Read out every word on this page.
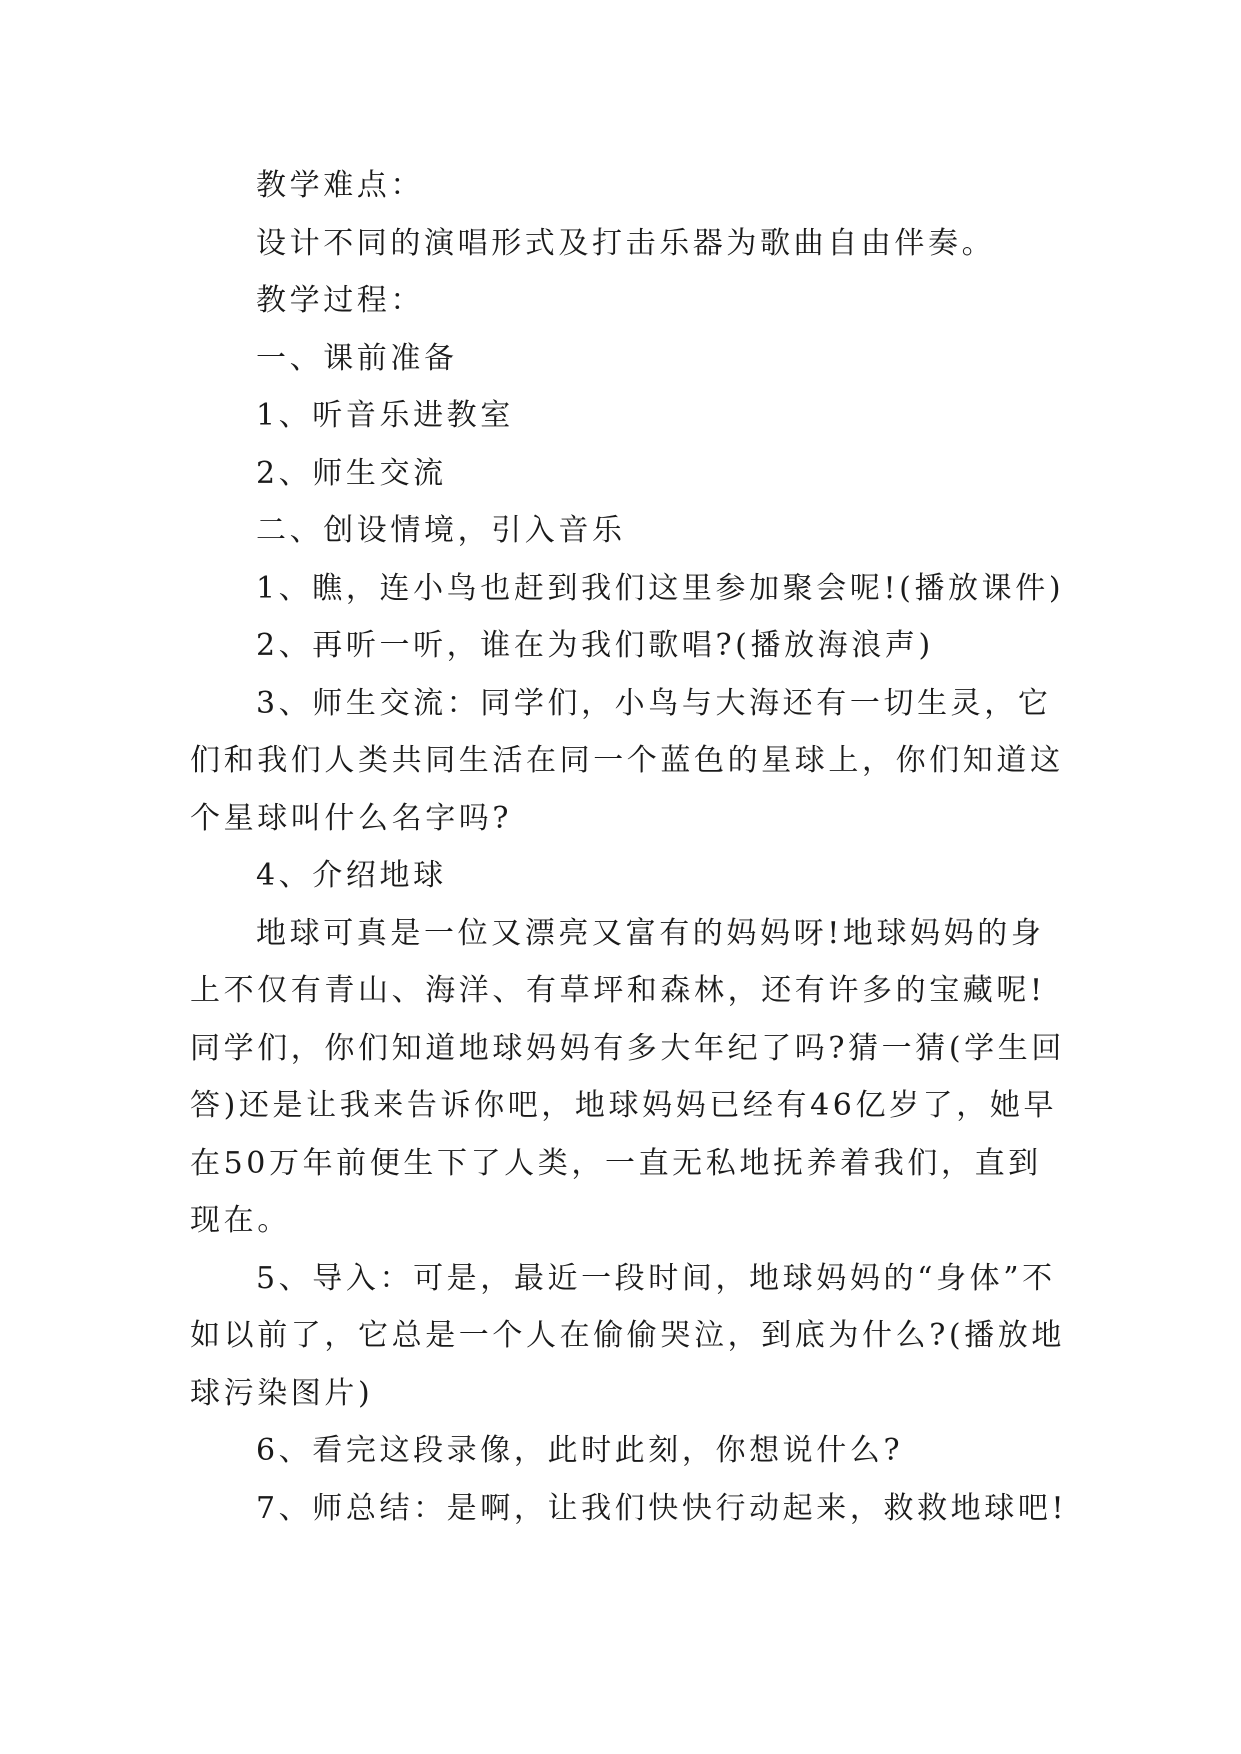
教学难点：

设计不同的演唱形式及打击乐器为歌曲自由伴奏。

教学过程：

一、课前准备

1、听音乐进教室

2、师生交流

二、创设情境，引入音乐

1、瞧，连小鸟也赶到我们这里参加聚会呢!(播放课件)

2、再听一听，谁在为我们歌唱?(播放海浪声)

3、师生交流：同学们，小鸟与大海还有一切生灵，它们和我们人类共同生活在同一个蓝色的星球上，你们知道这个星球叫什么名字吗?

4、介绍地球

地球可真是一位又漂亮又富有的妈妈呀!地球妈妈的身上不仅有青山、海洋、有草坪和森林，还有许多的宝藏呢!同学们，你们知道地球妈妈有多大年纪了吗?猜一猜(学生回答)还是让我来告诉你吧，地球妈妈已经有46亿岁了，她早在50万年前便生下了人类，一直无私地抚养着我们，直到现在。

5、导入：可是，最近一段时间，地球妈妈的“身体”不如以前了，它总是一个人在偷偷哭泣，到底为什么?(播放地球污染图片)

6、看完这段录像，此时此刻，你想说什么?

7、师总结：是啊，让我们快快行动起来，救救地球吧!
